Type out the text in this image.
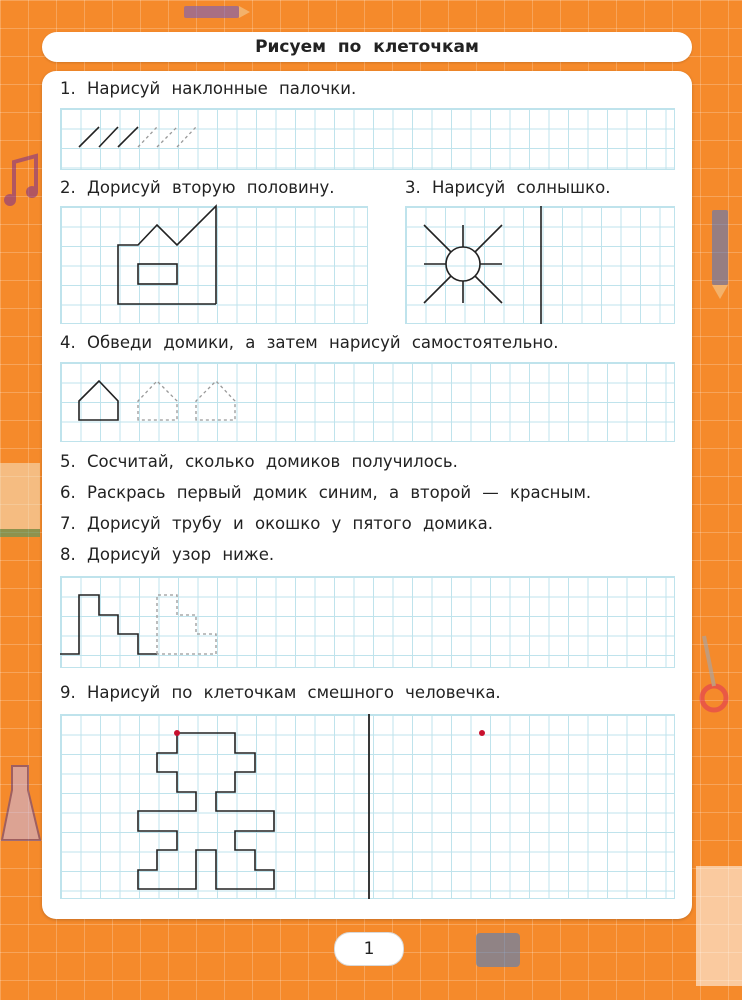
Рисуем по клеточкам
1. Нарисуй наклонные палочки.
2. Дорисуй вторую половину.	3. Нарисуй солнышко.
4. Обведи домики, а затем нарисуй самостоятельно.
5. Сосчитай, сколько домиков получилось.
6. Раскрась первый домик синим, а второй — красным.
7. Дорисуй трубу и окошко у пятого домика.
8. Дорисуй узор ниже.
9. Нарисуй по клеточкам смешного человечка.
1
